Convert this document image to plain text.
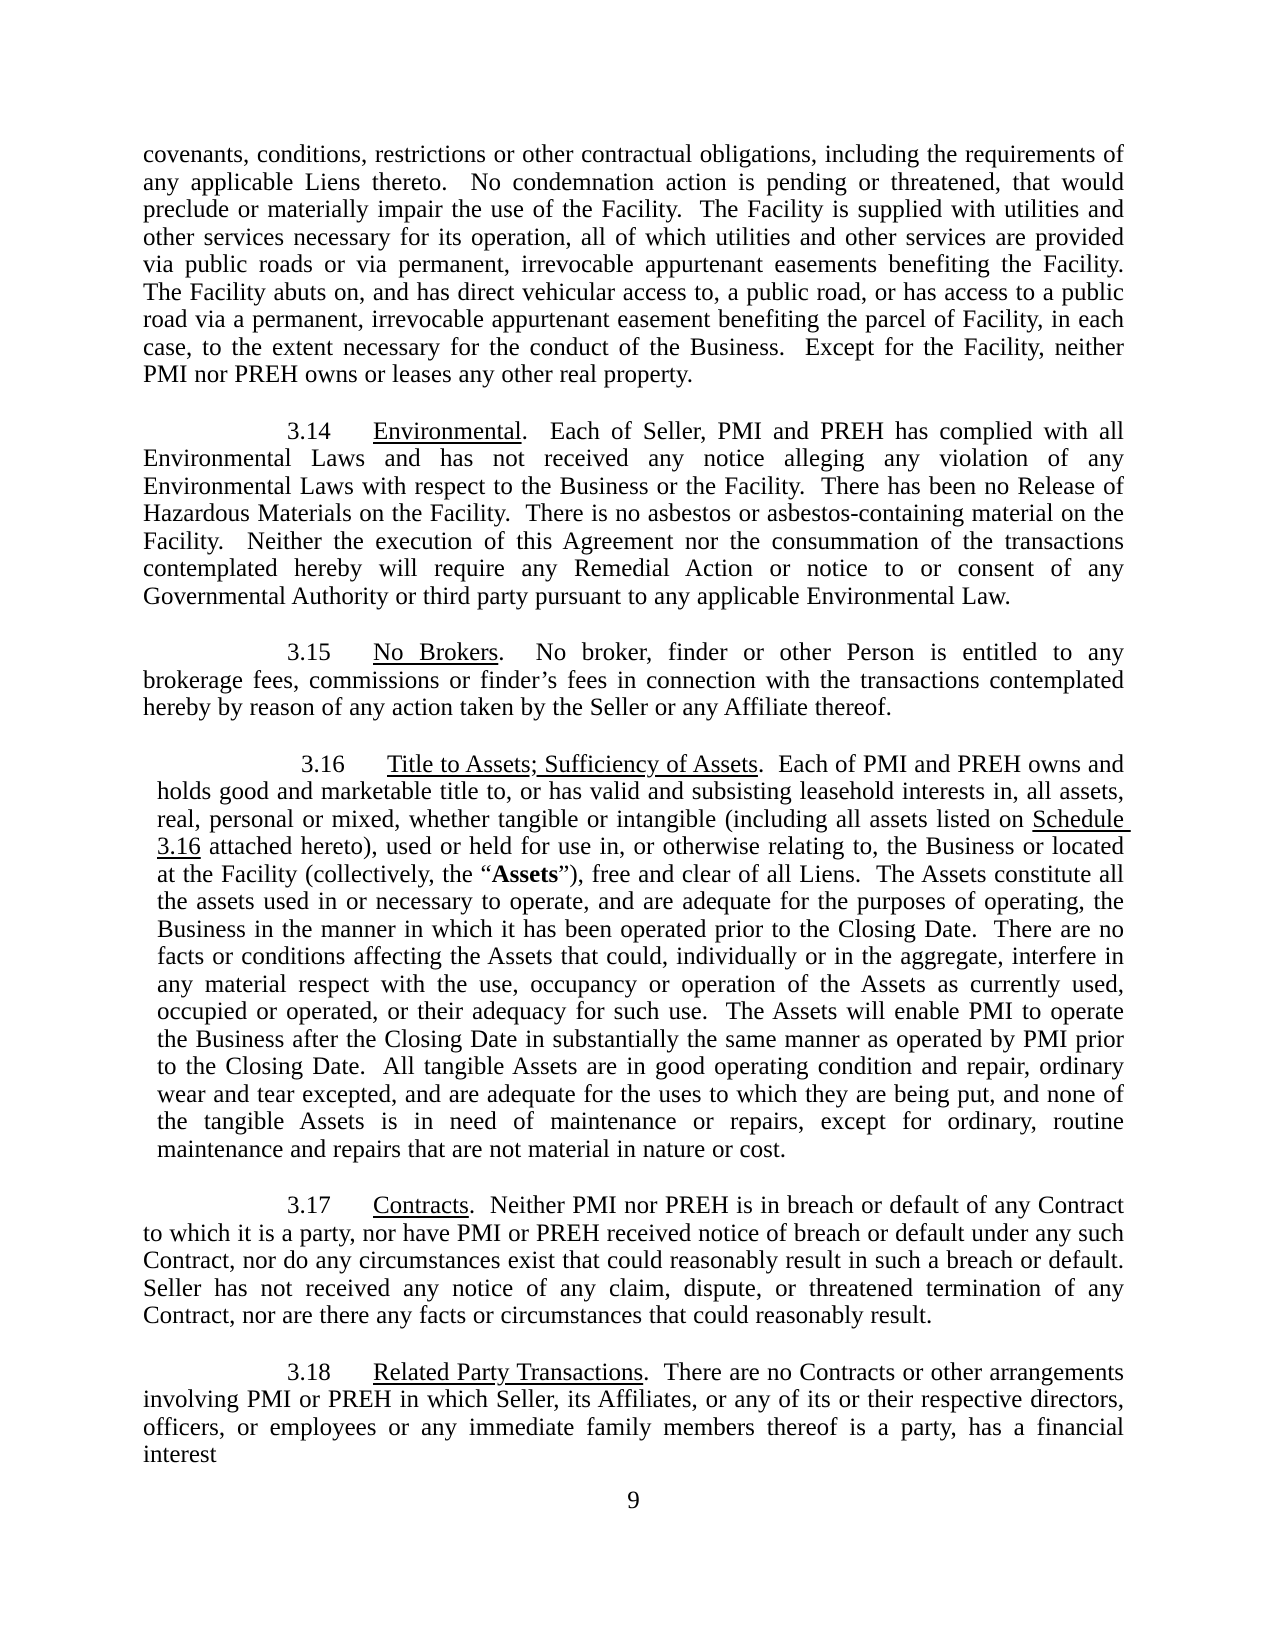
covenants, conditions, restrictions or other contractual obligations, including the requirements of any applicable Liens thereto.  No condemnation action is pending or threatened, that would preclude or materially impair the use of the Facility.  The Facility is supplied with utilities and other services necessary for its operation, all of which utilities and other services are provided via public roads or via permanent, irrevocable appurtenant easements benefiting the Facility.  The Facility abuts on, and has direct vehicular access to, a public road, or has access to a public road via a permanent, irrevocable appurtenant easement benefiting the parcel of Facility, in each case, to the extent necessary for the conduct of the Business.  Except for the Facility, neither PMI nor PREH owns or leases any other real property.

3.14 Environmental.  Each of Seller, PMI and PREH has complied with all Environmental Laws and has not received any notice alleging any violation of any Environmental Laws with respect to the Business or the Facility.  There has been no Release of Hazardous Materials on the Facility.  There is no asbestos or asbestos-containing material on the Facility.  Neither the execution of this Agreement nor the consummation of the transactions contemplated hereby will require any Remedial Action or notice to or consent of any Governmental Authority or third party pursuant to any applicable Environmental Law.

3.15 No Brokers.  No broker, finder or other Person is entitled to any brokerage fees, commissions or finder’s fees in connection with the transactions contemplated hereby by reason of any action taken by the Seller or any Affiliate thereof.

3.16 Title to Assets; Sufficiency of Assets.  Each of PMI and PREH owns and holds good and marketable title to, or has valid and subsisting leasehold interests in, all assets, real, personal or mixed, whether tangible or intangible (including all assets listed on Schedule 3.16 attached hereto), used or held for use in, or otherwise relating to, the Business or located at the Facility (collectively, the “Assets”), free and clear of all Liens.  The Assets constitute all the assets used in or necessary to operate, and are adequate for the purposes of operating, the Business in the manner in which it has been operated prior to the Closing Date.  There are no facts or conditions affecting the Assets that could, individually or in the aggregate, interfere in any material respect with the use, occupancy or operation of the Assets as currently used, occupied or operated, or their adequacy for such use.  The Assets will enable PMI to operate the Business after the Closing Date in substantially the same manner as operated by PMI prior to the Closing Date.  All tangible Assets are in good operating condition and repair, ordinary wear and tear excepted, and are adequate for the uses to which they are being put, and none of the tangible Assets is in need of maintenance or repairs, except for ordinary, routine maintenance and repairs that are not material in nature or cost.

3.17 Contracts.  Neither PMI nor PREH is in breach or default of any Contract to which it is a party, nor have PMI or PREH received notice of breach or default under any such Contract, nor do any circumstances exist that could reasonably result in such a breach or default.  Seller has not received any notice of any claim, dispute, or threatened termination of any Contract, nor are there any facts or circumstances that could reasonably result.

3.18 Related Party Transactions.  There are no Contracts or other arrangements involving PMI or PREH in which Seller, its Affiliates, or any of its or their respective directors, officers, or employees or any immediate family members thereof is a party, has a financial interest

9
